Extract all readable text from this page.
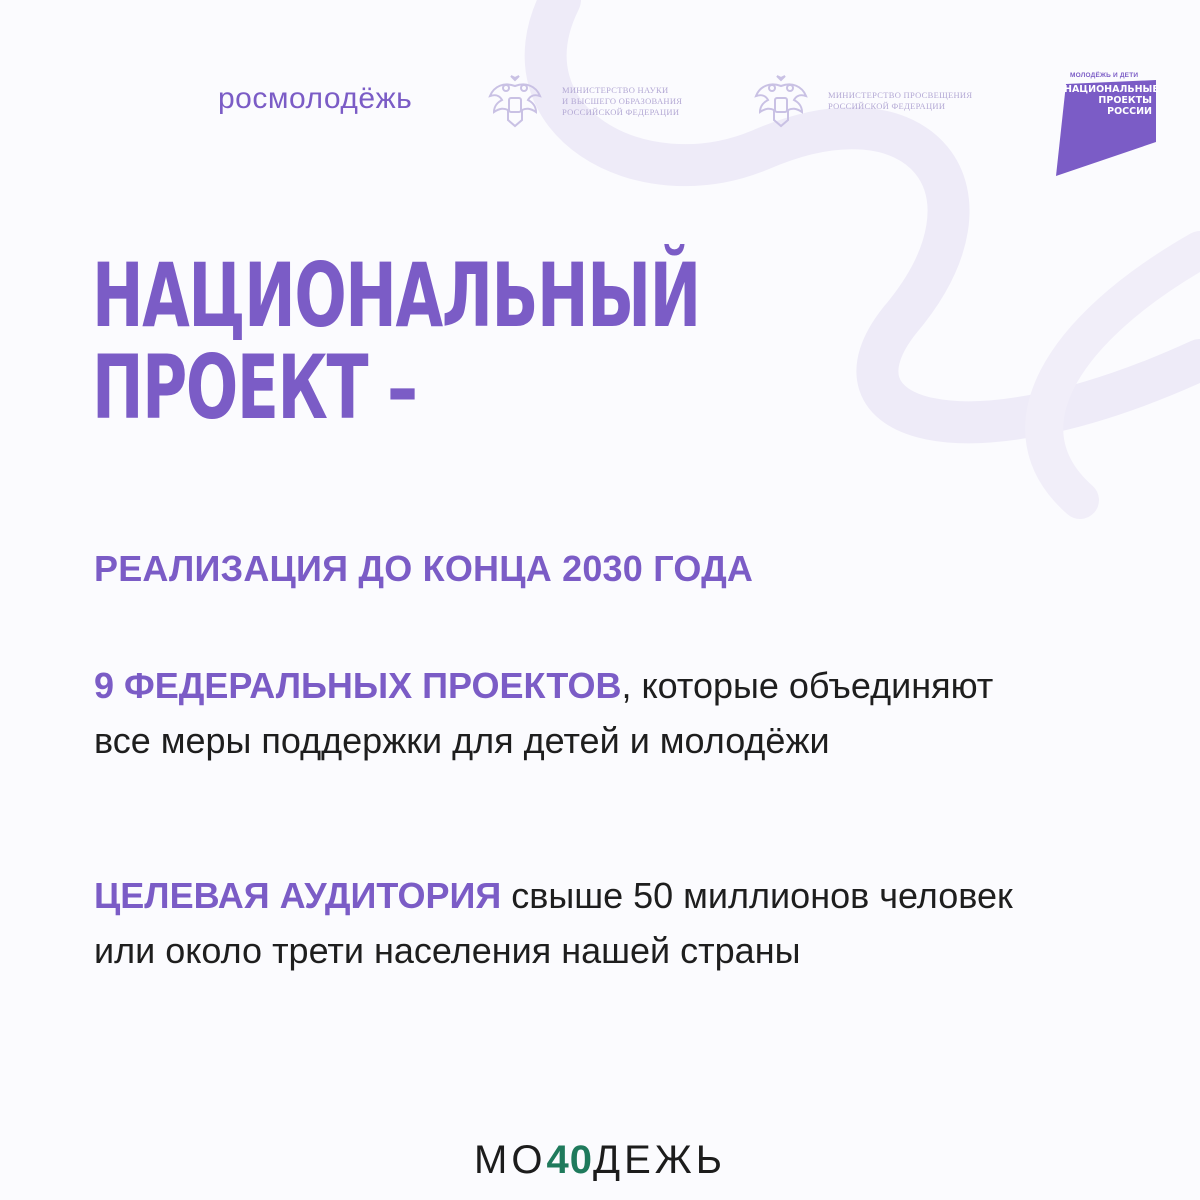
росмолодёжь	МИНИСТЕРСТВО НАУКИ
И ВЫСШЕГО ОБРАЗОВАНИЯ
РОССИЙСКОЙ ФЕДЕРАЦИИ
МИНИСТЕРСТВО ПРОСВЕЩЕНИЯ
РОССИЙСКОЙ ФЕДЕРАЦИИ
МОЛОДЁЖЬ И ДЕТИ
НАЦИОНАЛЬНЫЕ
ПРОЕКТЫ
РОССИИ
НАЦИОНАЛЬНЫЙ
ПРОЕКТ –
РЕАЛИЗАЦИЯ ДО КОНЦА 2030 ГОДА
9 ФЕДЕРАЛЬНЫХ ПРОЕКТОВ, которые объединяют все меры поддержки для детей и молодёжи
ЦЕЛЕВАЯ АУДИТОРИЯ свыше 50 миллионов человек или около трети населения нашей страны
МО40ДЕЖЬ
